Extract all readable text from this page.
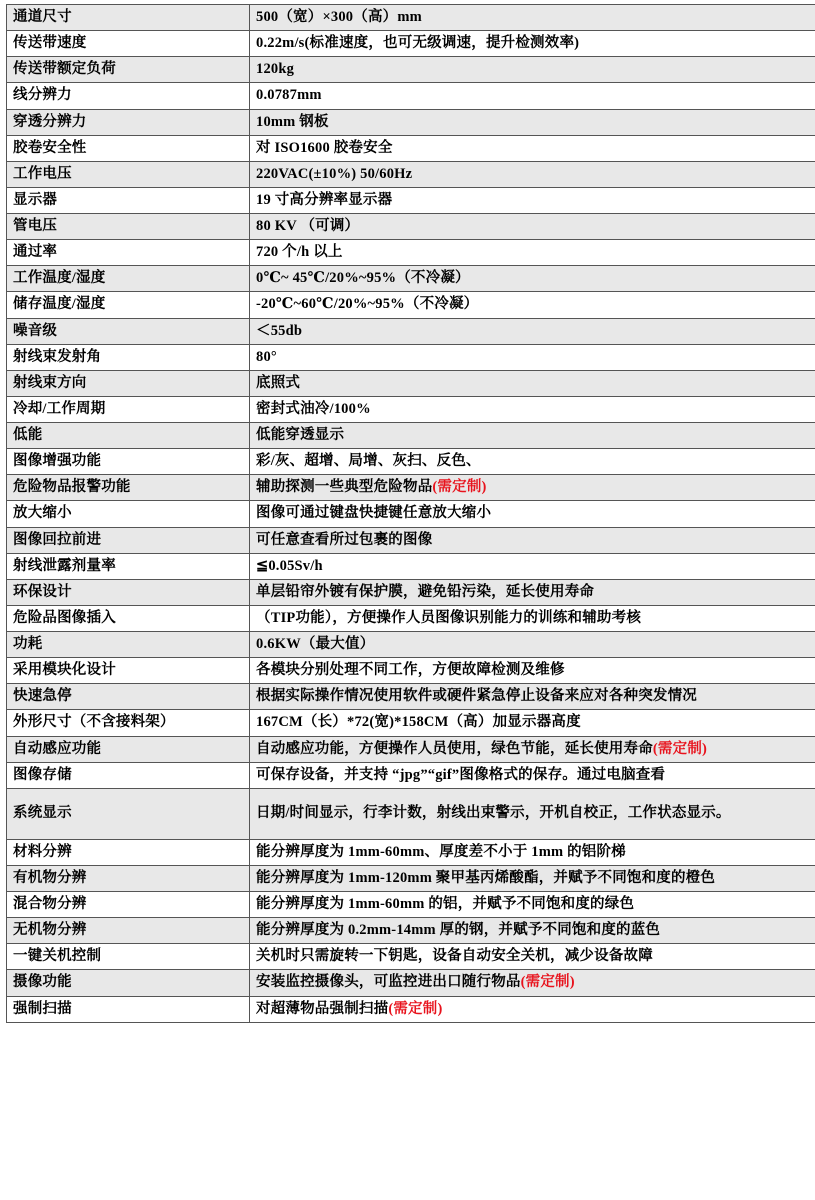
通道尺寸	500（宽）×300（高）mm
传送带速度	0.22m/s(标准速度，也可无级调速，提升检测效率)
传送带额定负荷	120kg
线分辨力	0.0787mm
穿透分辨力	10mm 钢板
胶卷安全性	对 ISO1600 胶卷安全
工作电压	220VAC(±10%) 50/60Hz
显示器	19 寸高分辨率显示器
管电压	80 KV （可调）
通过率	720 个/h 以上
工作温度/湿度	0℃~ 45℃/20%~95%（不冷凝）
储存温度/湿度	-20℃~60℃/20%~95%（不冷凝）
噪音级	＜55db
射线束发射角	80°
射线束方向	底照式
冷却/工作周期	密封式油冷/100%
低能	低能穿透显示
图像增强功能	彩/灰、超增、局增、灰扫、反色、
危险物品报警功能	辅助探测一些典型危险物品(需定制)
放大缩小	图像可通过键盘快捷键任意放大缩小
图像回拉前进	可任意查看所过包裹的图像
射线泄露剂量率	≦0.05Sv/h
环保设计	单层铅帘外镀有保护膜，避免铅污染，延长使用寿命
危险品图像插入	（TIP功能），方便操作人员图像识别能力的训练和辅助考核
功耗	0.6KW（最大值）
采用模块化设计	各模块分别处理不同工作，方便故障检测及维修
快速急停	根据实际操作情况使用软件或硬件紧急停止设备来应对各种突发情况
外形尺寸（不含接料架）	167CM（长）*72(宽)*158CM（高）加显示器高度
自动感应功能	自动感应功能，方便操作人员使用，绿色节能，延长使用寿命(需定制)
图像存储	可保存设备，并支持 “jpg”“gif”图像格式的保存。通过电脑查看
系统显示	日期/时间显示，行李计数，射线出束警示，开机自校正，工作状态显示。
材料分辨	能分辨厚度为 1mm-60mm、厚度差不小于 1mm 的铝阶梯
有机物分辨	能分辨厚度为 1mm-120mm 聚甲基丙烯酸酯，并赋予不同饱和度的橙色
混合物分辨	能分辨厚度为 1mm-60mm 的铝，并赋予不同饱和度的绿色
无机物分辨	能分辨厚度为 0.2mm-14mm 厚的钢，并赋予不同饱和度的蓝色
一键关机控制	关机时只需旋转一下钥匙，设备自动安全关机，减少设备故障
摄像功能	安装监控摄像头，可监控进出口随行物品(需定制)
强制扫描	对超薄物品强制扫描(需定制)
